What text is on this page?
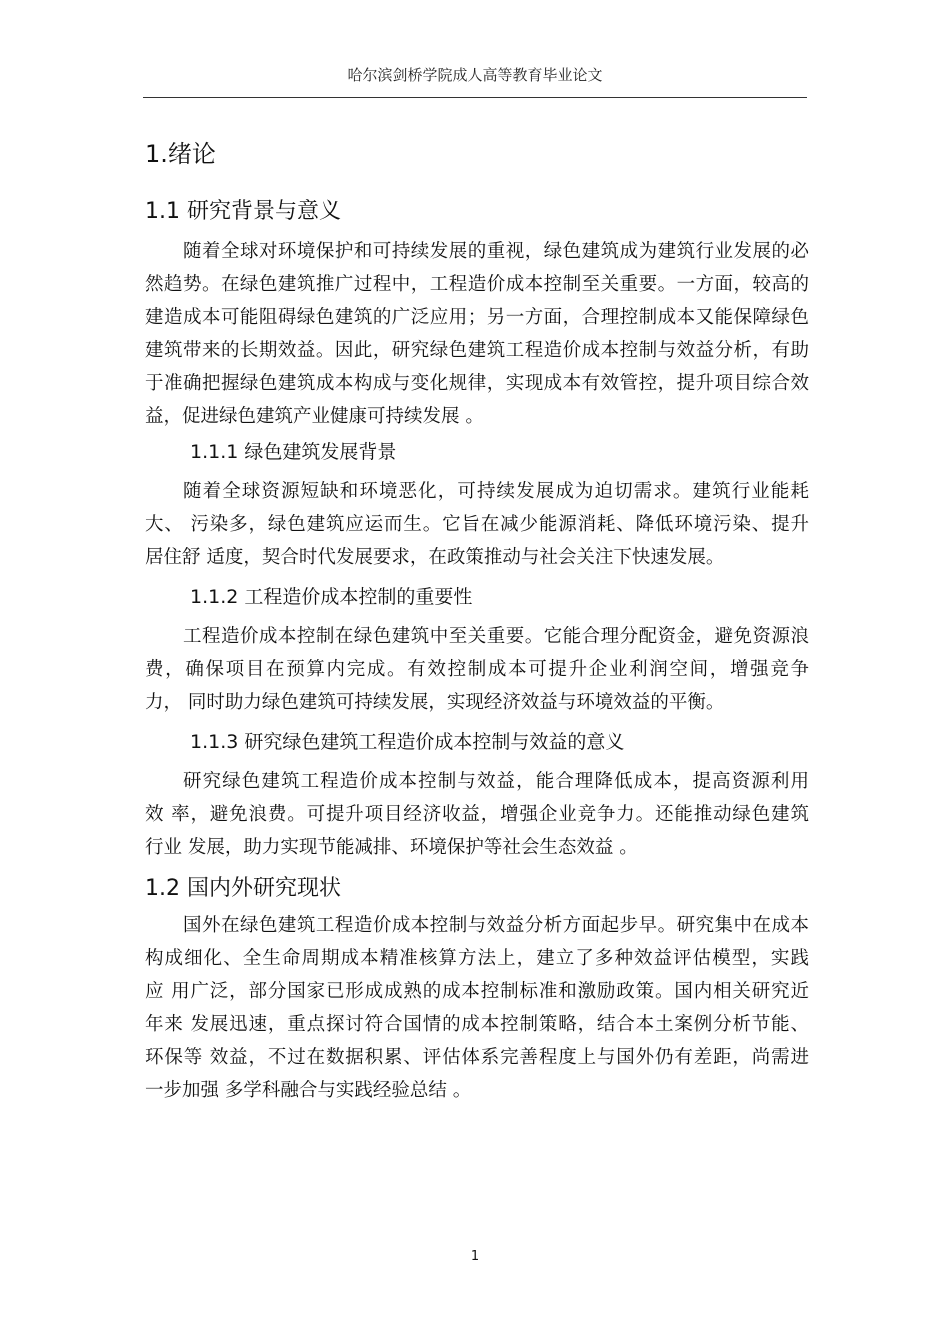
哈尔滨剑桥学院成人高等教育毕业论文
1.绪论
1.1 研究背景与意义
随着全球对环境保护和可持续发展的重视，绿色建筑成为建筑行业发展的必
然趋势。在绿色建筑推广过程中，工程造价成本控制至关重要。一方面，较高的
建造成本可能阻碍绿色建筑的广泛应用；另一方面，合理控制成本又能保障绿色
建筑带来的长期效益。因此，研究绿色建筑工程造价成本控制与效益分析，有助
于准确把握绿色建筑成本构成与变化规律，实现成本有效管控，提升项目综合效
益，促进绿色建筑产业健康可持续发展 。
1.1.1 绿色建筑发展背景
随着全球资源短缺和环境恶化，可持续发展成为迫切需求。建筑行业能耗
大、 污染多，绿色建筑应运而生。它旨在减少能源消耗、降低环境污染、提升
居住舒 适度，契合时代发展要求，在政策推动与社会关注下快速发展。
1.1.2 工程造价成本控制的重要性
工程造价成本控制在绿色建筑中至关重要。它能合理分配资金，避免资源浪
费，确保项目在预算内完成。有效控制成本可提升企业利润空间，增强竞争
力， 同时助力绿色建筑可持续发展，实现经济效益与环境效益的平衡。
1.1.3 研究绿色建筑工程造价成本控制与效益的意义
研究绿色建筑工程造价成本控制与效益，能合理降低成本，提高资源利用
效 率，避免浪费。可提升项目经济收益，增强企业竞争力。还能推动绿色建筑
行业 发展，助力实现节能减排、环境保护等社会生态效益 。
1.2 国内外研究现状
国外在绿色建筑工程造价成本控制与效益分析方面起步早。研究集中在成本
构成细化、全生命周期成本精准核算方法上，建立了多种效益评估模型，实践
应 用广泛，部分国家已形成成熟的成本控制标准和激励政策。国内相关研究近
年来 发展迅速，重点探讨符合国情的成本控制策略，结合本土案例分析节能、
环保等 效益，不过在数据积累、评估体系完善程度上与国外仍有差距，尚需进
一步加强 多学科融合与实践经验总结 。
1
